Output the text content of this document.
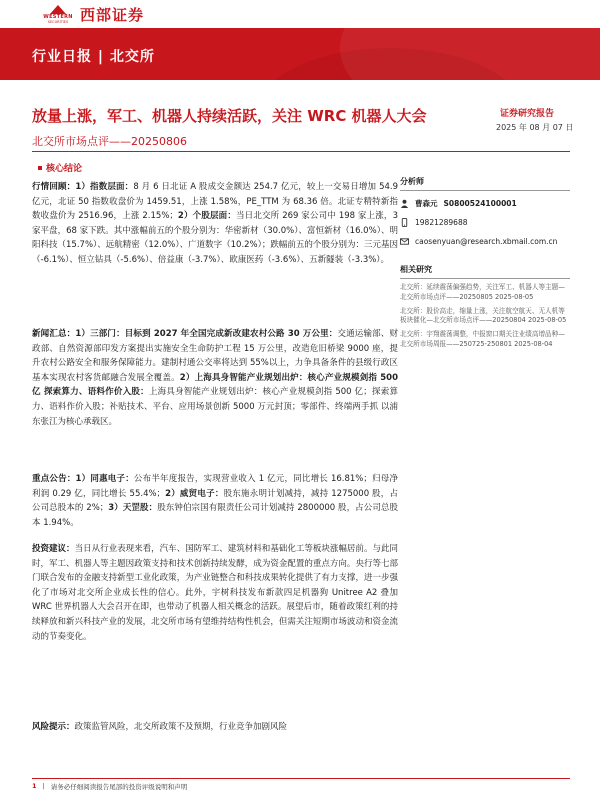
WESTERN
SECURITIES 西部证券
行业日报 | 北交所
放量上涨，军工、机器人持续活跃，关注 WRC 机器人大会	证券研究报告
2025 年 08 月 07 日
北交所市场点评——20250806
核心结论

行情回顾：1）指数层面：8 月 6 日北证 A 股成交金额达 254.7 亿元，较上一交易日增加 54.9 亿元，北证 50 指数收盘价为 1459.51，上涨 1.58%，PE_TTM 为 68.36 倍。北证专精特新指数收盘价为 2516.96，上涨 2.15%；2）个股层面：当日北交所 269 家公司中 198 家上涨，3 家平盘，68 家下跌。其中涨幅前五的个股分别为：华密新材（30.0%）、富恒新材（16.0%）、明阳科技（15.7%）、远航精密（12.0%）、广道数字（10.2%）；跌幅前五的个股分别为：三元基因（-6.1%）、恒立钻具（-5.6%）、倍益康（-3.7%）、欧康医药（-3.6%）、五新隧装（-3.3%）。

新闻汇总：1）三部门：目标到 2027 年全国完成新改建农村公路 30 万公里：交通运输部、财政部、自然资源部印发方案提出实施安全生命防护工程 15 万公里，改造危旧桥梁 9000 座，提升农村公路安全和服务保障能力。建制村通公交率将达到 55%以上，力争具备条件的县级行政区基本实现农村客货邮融合发展全覆盖。2）上海具身智能产业规划出炉：核心产业规模剑指 500 亿 探索算力、语料作价入股：上海具身智能产业规划出炉：核心产业规模剑指 500 亿；探索算力、语料作价入股；补贴技术、平台、应用场景创新 5000 万元封顶；零部件、终端两手抓 以浦东张江为核心承载区。

重点公告：1）同惠电子：公布半年度报告，实现营业收入 1 亿元，同比增长 16.81%；归母净利润 0.29 亿，同比增长 55.4%；2）威贸电子：股东施永明计划减持，减持 1275000 股，占公司总股本的 2%；3）天罡股：股东钟伯宗国有限责任公司计划减持 2800000 股，占公司总股本 1.94%。

投资建议：当日从行业表现来看，汽车、国防军工、建筑材料和基础化工等板块涨幅居前。与此同时，军工、机器人等主题因政策支持和技术创新持续发酵，成为资金配置的重点方向。央行等七部门联合发布的金融支持新型工业化政策，为产业链整合和科技成果转化提供了有力支撑，进一步强化了市场对北交所企业成长性的信心。此外，宇树科技发布新款四足机器狗 Unitree A2 叠加 WRC 世界机器人大会召开在即，也带动了机器人相关概念的活跃。展望后市，随着政策红利的持续释放和新兴科技产业的发展，北交所市场有望维持结构性机会，但需关注短期市场波动和资金流动的节奏变化。

风险提示：政策监管风险，北交所政策不及预期，行业竞争加剧风险

分析师
曹森元 S0800524100001
19821289688
caosenyuan@research.xbmail.com.cn
相关研究
北交所：延续震荡偏强趋势，关注军工、机器人等主题—北交所市场点评——20250805 2025-08-05
北交所：股价高走，缩量上涨，关注航空航天、无人机等板块催化—北交所市场点评——20250804 2025-08-05
北交所：宇翔震荡调整，中报窗口期关注业绩高增品种—北交所市场周报——250725-250801 2025-08-04
1 | 请务必仔细阅读报告尾部的投资评级说明和声明
